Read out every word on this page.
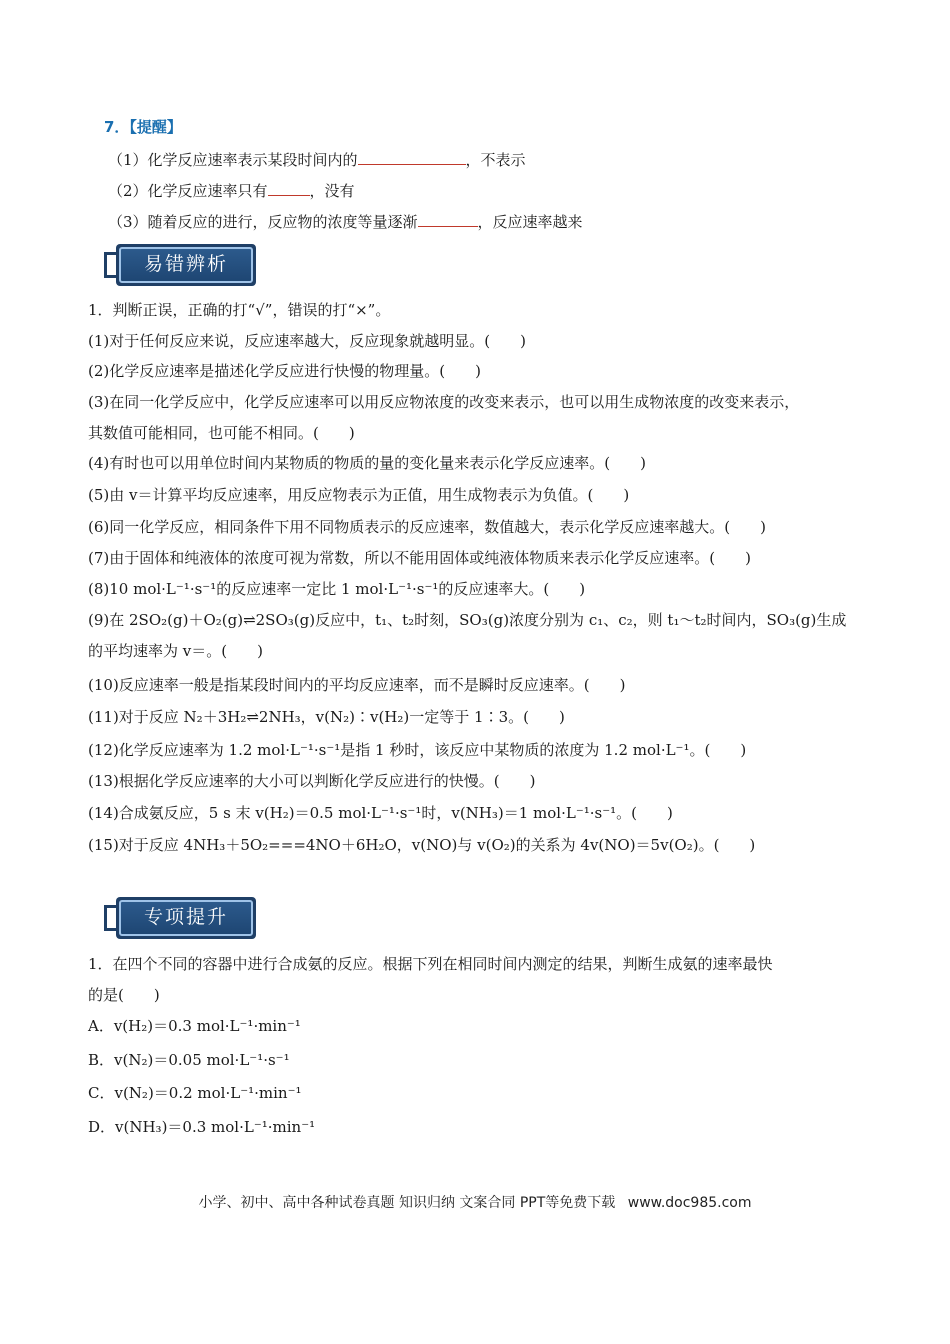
7．【提醒】
（1）化学反应速率表示某段时间内的	，不表示
（2）化学反应速率只有	，没有
（3）随着反应的进行，反应物的浓度等量逐渐	，反应速率越来
易错辨析
1．判断正误，正确的打“√”，错误的打“×”。
(1)对于任何反应来说，反应速率越大，反应现象就越明显。(　　)
(2)化学反应速率是描述化学反应进行快慢的物理量。(　　)
(3)在同一化学反应中，化学反应速率可以用反应物浓度的改变来表示，也可以用生成物浓度的改变来表示，
其数值可能相同，也可能不相同。(　　)
(4)有时也可以用单位时间内某物质的物质的量的变化量来表示化学反应速率。(　　)
(5)由 v＝计算平均反应速率，用反应物表示为正值，用生成物表示为负值。(　　)
(6)同一化学反应，相同条件下用不同物质表示的反应速率，数值越大，表示化学反应速率越大。(　　)
(7)由于固体和纯液体的浓度可视为常数，所以不能用固体或纯液体物质来表示化学反应速率。(　　)
(8)10 mol·L⁻¹·s⁻¹的反应速率一定比 1 mol·L⁻¹·s⁻¹的反应速率大。(　　)
(9)在 2SO₂(g)＋O₂(g)⇌2SO₃(g)反应中，t₁、t₂时刻，SO₃(g)浓度分别为 c₁、c₂，则 t₁～t₂时间内，SO₃(g)生成
的平均速率为 v＝。(　　)
(10)反应速率一般是指某段时间内的平均反应速率，而不是瞬时反应速率。(　　)
(11)对于反应 N₂＋3H₂⇌2NH₃，v(N₂)∶v(H₂)一定等于 1∶3。(　　)
(12)化学反应速率为 1.2 mol·L⁻¹·s⁻¹是指 1 秒时，该反应中某物质的浓度为 1.2 mol·L⁻¹。(　　)
(13)根据化学反应速率的大小可以判断化学反应进行的快慢。(　　)
(14)合成氨反应，5 s 末 v(H₂)＝0.5 mol·L⁻¹·s⁻¹时，v(NH₃)＝1 mol·L⁻¹·s⁻¹。(　　)
(15)对于反应 4NH₃＋5O₂===4NO＋6H₂O，v(NO)与 v(O₂)的关系为 4v(NO)＝5v(O₂)。(　　)
专项提升
1．在四个不同的容器中进行合成氨的反应。根据下列在相同时间内测定的结果，判断生成氨的速率最快
的是(　　)
A．v(H₂)＝0.3 mol·L⁻¹·min⁻¹
B．v(N₂)＝0.05 mol·L⁻¹·s⁻¹
C．v(N₂)＝0.2 mol·L⁻¹·min⁻¹
D．v(NH₃)＝0.3 mol·L⁻¹·min⁻¹
小学、初中、高中各种试卷真题 知识归纳 文案合同 PPT等免费下载 www.doc985.com
